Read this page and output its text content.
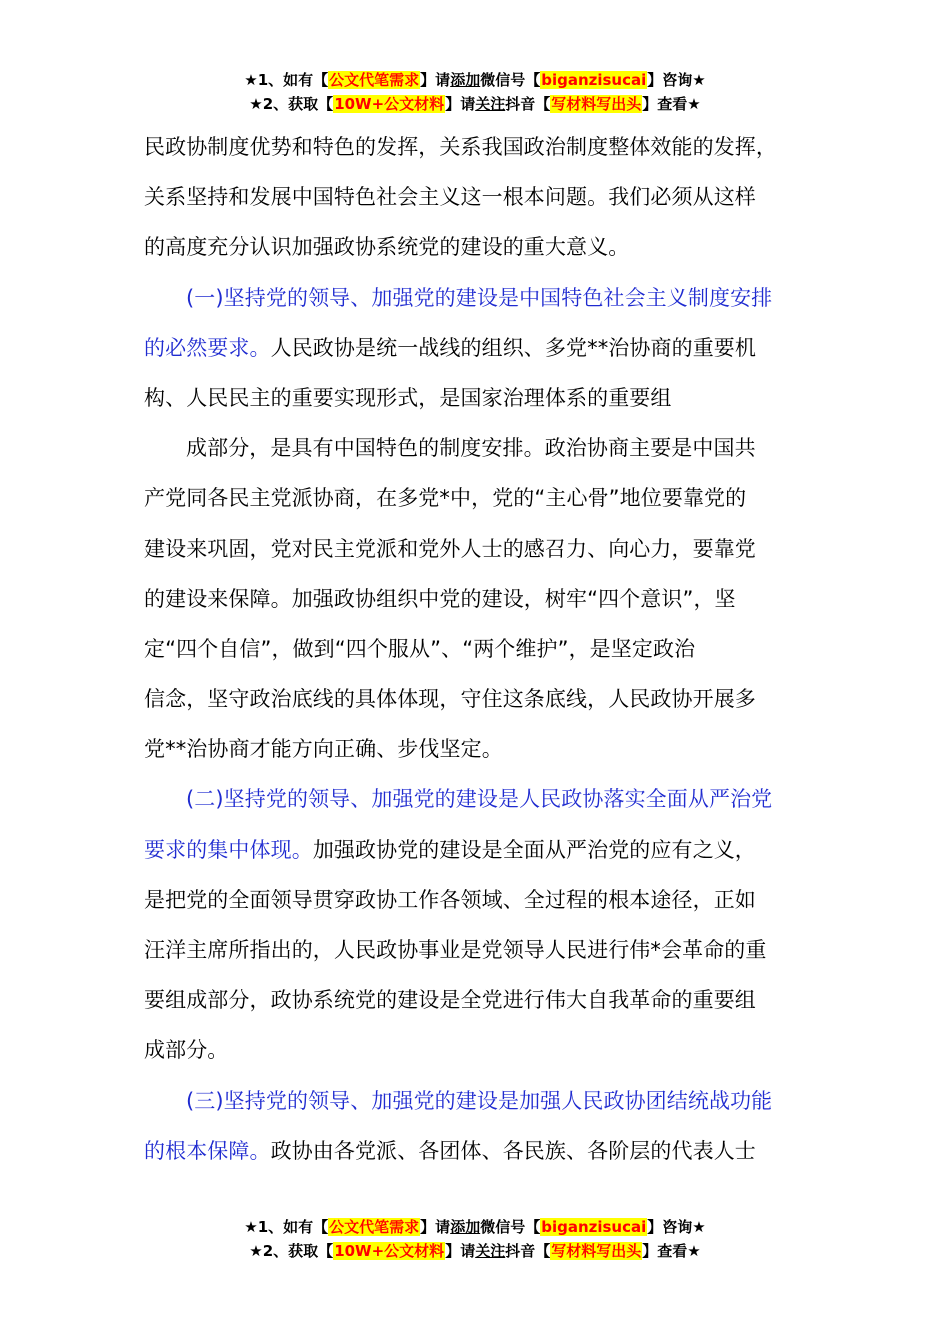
★1、如有【公文代笔需求】请添加微信号【biganzisucai】咨询★
★2、获取【10W+公文材料】请关注抖音【写材料写出头】查看★
民政协制度优势和特色的发挥，关系我国政治制度整体效能的发挥，
关系坚持和发展中国特色社会主义这一根本问题。我们必须从这样
的高度充分认识加强政协系统党的建设的重大意义。
(一)坚持党的领导、加强党的建设是中国特色社会主义制度安排
的必然要求。人民政协是统一战线的组织、多党**治协商的重要机
构、人民民主的重要实现形式，是国家治理体系的重要组
成部分，是具有中国特色的制度安排。政治协商主要是中国共
产党同各民主党派协商，在多党*中，党的“主心骨”地位要靠党的
建设来巩固，党对民主党派和党外人士的感召力、向心力，要靠党
的建设来保障。加强政协组织中党的建设，树牢“四个意识”，坚
定“四个自信”，做到“四个服从”、“两个维护”，是坚定政治
信念，坚守政治底线的具体体现，守住这条底线，人民政协开展多
党**治协商才能方向正确、步伐坚定。
(二)坚持党的领导、加强党的建设是人民政协落实全面从严治党
要求的集中体现。加强政协党的建设是全面从严治党的应有之义，
是把党的全面领导贯穿政协工作各领域、全过程的根本途径，正如
汪洋主席所指出的，人民政协事业是党领导人民进行伟*会革命的重
要组成部分，政协系统党的建设是全党进行伟大自我革命的重要组
成部分。
(三)坚持党的领导、加强党的建设是加强人民政协团结统战功能
的根本保障。政协由各党派、各团体、各民族、各阶层的代表人士
★1、如有【公文代笔需求】请添加微信号【biganzisucai】咨询★
★2、获取【10W+公文材料】请关注抖音【写材料写出头】查看★
